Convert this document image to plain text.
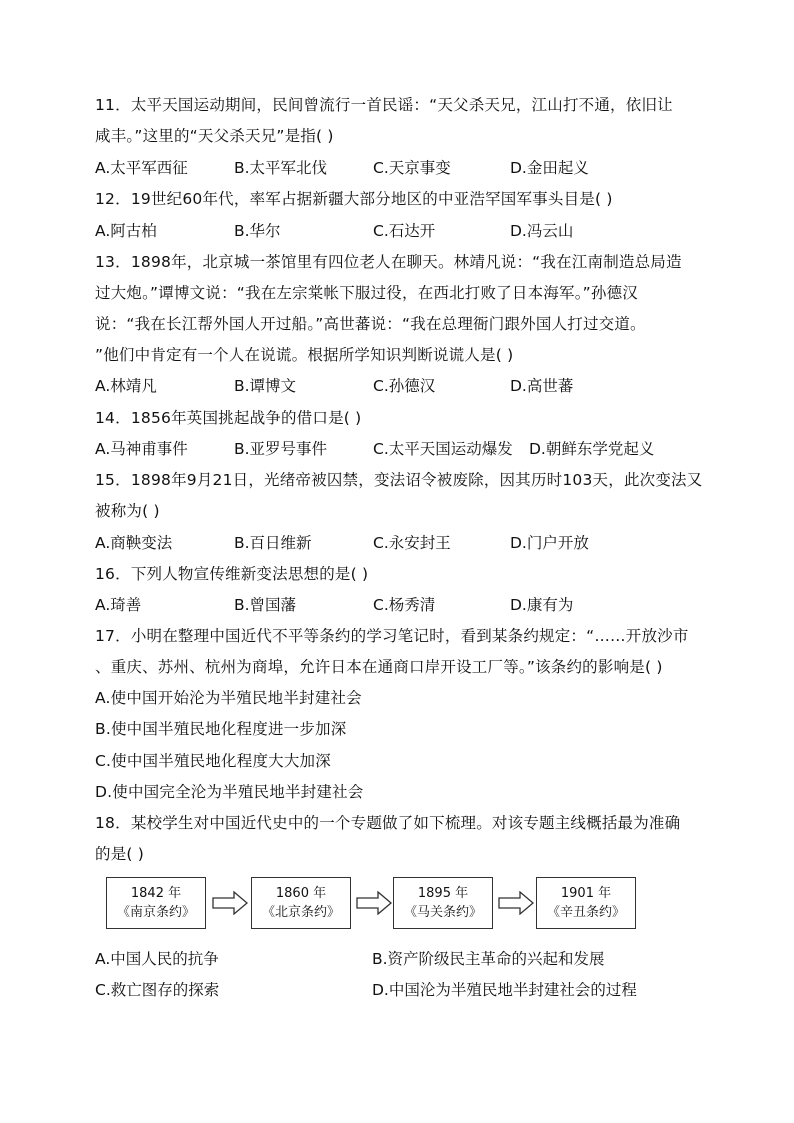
11．太平天国运动期间，民间曾流行一首民谣：“天父杀天兄，江山打不通，依旧让
咸丰。”这里的“天父杀天兄”是指( )
A.太平军西征	B.太平军北伐	C.天京事变	D.金田起义
12．19世纪60年代，率军占据新疆大部分地区的中亚浩罕国军事头目是( )
A.阿古柏	B.华尔	C.石达开	D.冯云山
13．1898年，北京城一茶馆里有四位老人在聊天。林靖凡说：“我在江南制造总局造
过大炮。”谭博文说：“我在左宗棠帐下服过役，在西北打败了日本海军。”孙德汉
说：“我在长江帮外国人开过船。”高世蕃说：“我在总理衙门跟外国人打过交道。
”他们中肯定有一个人在说谎。根据所学知识判断说谎人是( )
A.林靖凡	B.谭博文	C.孙德汉	D.高世蕃
14．1856年英国挑起战争的借口是( )
A.马神甫事件	B.亚罗号事件	C.太平天国运动爆发 D.朝鲜东学党起义
15．1898年9月21日，光绪帝被囚禁，变法诏令被废除，因其历时103天，此次变法又
被称为( )
A.商鞅变法	B.百日维新	C.永安封王	D.门户开放
16．下列人物宣传维新变法思想的是( )
A.琦善	B.曾国藩	C.杨秀清	D.康有为
17．小明在整理中国近代不平等条约的学习笔记时，看到某条约规定：“……开放沙市
、重庆、苏州、杭州为商埠，允许日本在通商口岸开设工厂等。”该条约的影响是( )
A.使中国开始沦为半殖民地半封建社会
B.使中国半殖民地化程度进一步加深
C.使中国半殖民地化程度大大加深
D.使中国完全沦为半殖民地半封建社会
18．某校学生对中国近代史中的一个专题做了如下梳理。对该专题主线概括最为准确
的是( )
1842 年
《南京条约》
1860 年
《北京条约》
1895 年
《马关条约》
1901 年
《辛丑条约》
A.中国人民的抗争	B.资产阶级民主革命的兴起和发展
C.救亡图存的探索	D.中国沦为半殖民地半封建社会的过程
